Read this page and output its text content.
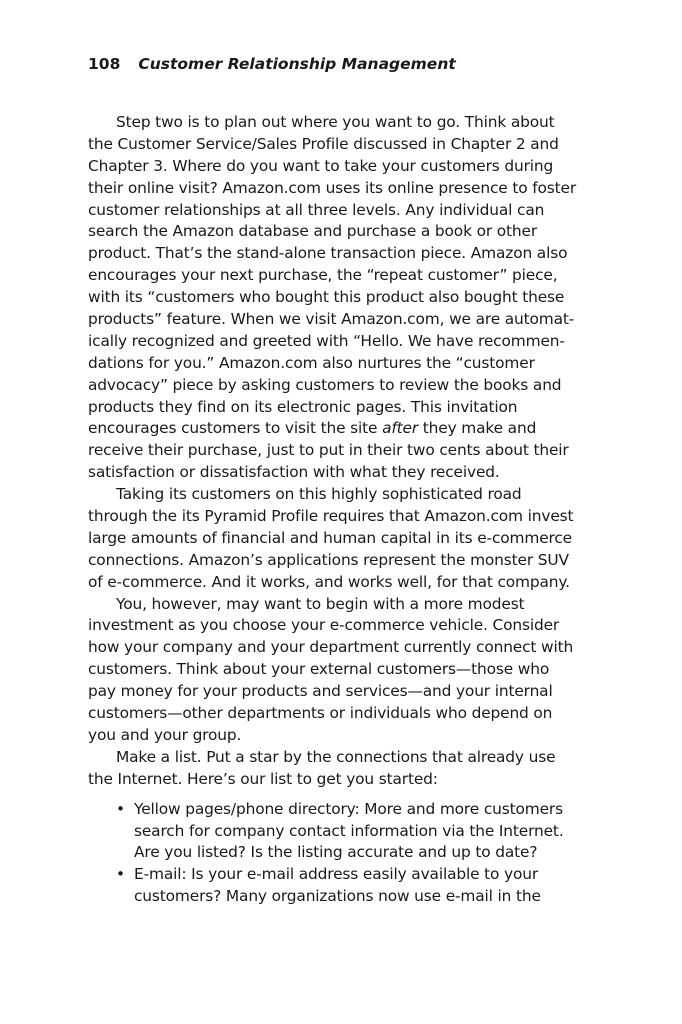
108 Customer Relationship Management
Step two is to plan out where you want to go. Think about
the Customer Service/Sales Profile discussed in Chapter 2 and
Chapter 3. Where do you want to take your customers during
their online visit? Amazon.com uses its online presence to foster
customer relationships at all three levels. Any individual can
search the Amazon database and purchase a book or other
product. That’s the stand-alone transaction piece. Amazon also
encourages your next purchase, the “repeat customer” piece,
with its “customers who bought this product also bought these
products” feature. When we visit Amazon.com, we are automat-
ically recognized and greeted with “Hello. We have recommen-
dations for you.” Amazon.com also nurtures the “customer
advocacy” piece by asking customers to review the books and
products they find on its electronic pages. This invitation
encourages customers to visit the site after they make and
receive their purchase, just to put in their two cents about their
satisfaction or dissatisfaction with what they received.
Taking its customers on this highly sophisticated road
through the its Pyramid Profile requires that Amazon.com invest
large amounts of financial and human capital in its e-commerce
connections. Amazon’s applications represent the monster SUV
of e-commerce. And it works, and works well, for that company.
You, however, may want to begin with a more modest
investment as you choose your e-commerce vehicle. Consider
how your company and your department currently connect with
customers. Think about your external customers—those who
pay money for your products and services—and your internal
customers—other departments or individuals who depend on
you and your group.
Make a list. Put a star by the connections that already use
the Internet. Here’s our list to get you started:
• Yellow pages/phone directory: More and more customers
search for company contact information via the Internet.
Are you listed? Is the listing accurate and up to date?
• E-mail: Is your e-mail address easily available to your
customers? Many organizations now use e-mail in the
